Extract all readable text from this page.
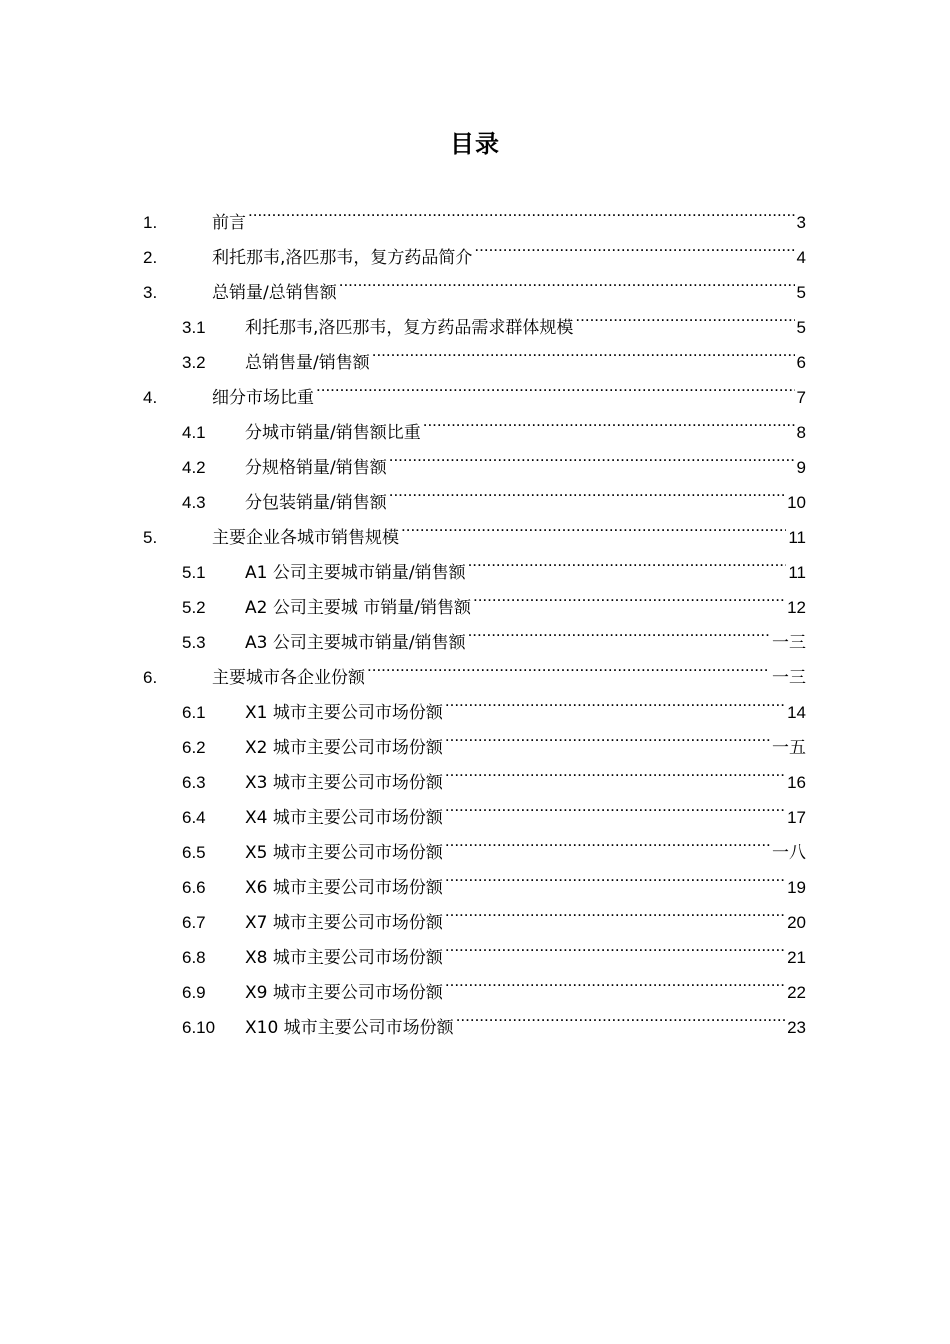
目录
1.	前言 .....	3
2.	利托那韦,洛匹那韦，复方药品简介 .....	4
3.	总销量/总销售额 .....	5
3.1	利托那韦,洛匹那韦，复方药品需求群体规模 .....	5
3.2	总销售量/销售额 .....	6
4.	细分市场比重 .....	7
4.1	分城市销量/销售额比重 .....	8
4.2	分规格销量/销售额 .....	9
4.3	分包装销量/销售额 .....	10
5.	主要企业各城市销售规模 .....	11
5.1	A1 公司主要城市销量/销售额 .....	11
5.2	A2 公司主要城 市销量/销售额 .....	12
5.3	A3 公司主要城市销量/销售额 .....	一三
6.	主要城市各企业份额 .....	一三
6.1	X1 城市主要公司市场份额 .....	14
6.2	X2 城市主要公司市场份额 .....	一五
6.3	X3 城市主要公司市场份额 .....	16
6.4	X4 城市主要公司市场份额 .....	17
6.5	X5 城市主要公司市场份额 .....	一八
6.6	X6 城市主要公司市场份额 .....	19
6.7	X7 城市主要公司市场份额 .....	20
6.8	X8 城市主要公司市场份额 .....	21
6.9	X9 城市主要公司市场份额 .....	22
6.10	X10 城市主要公司市场份额 .....	23
